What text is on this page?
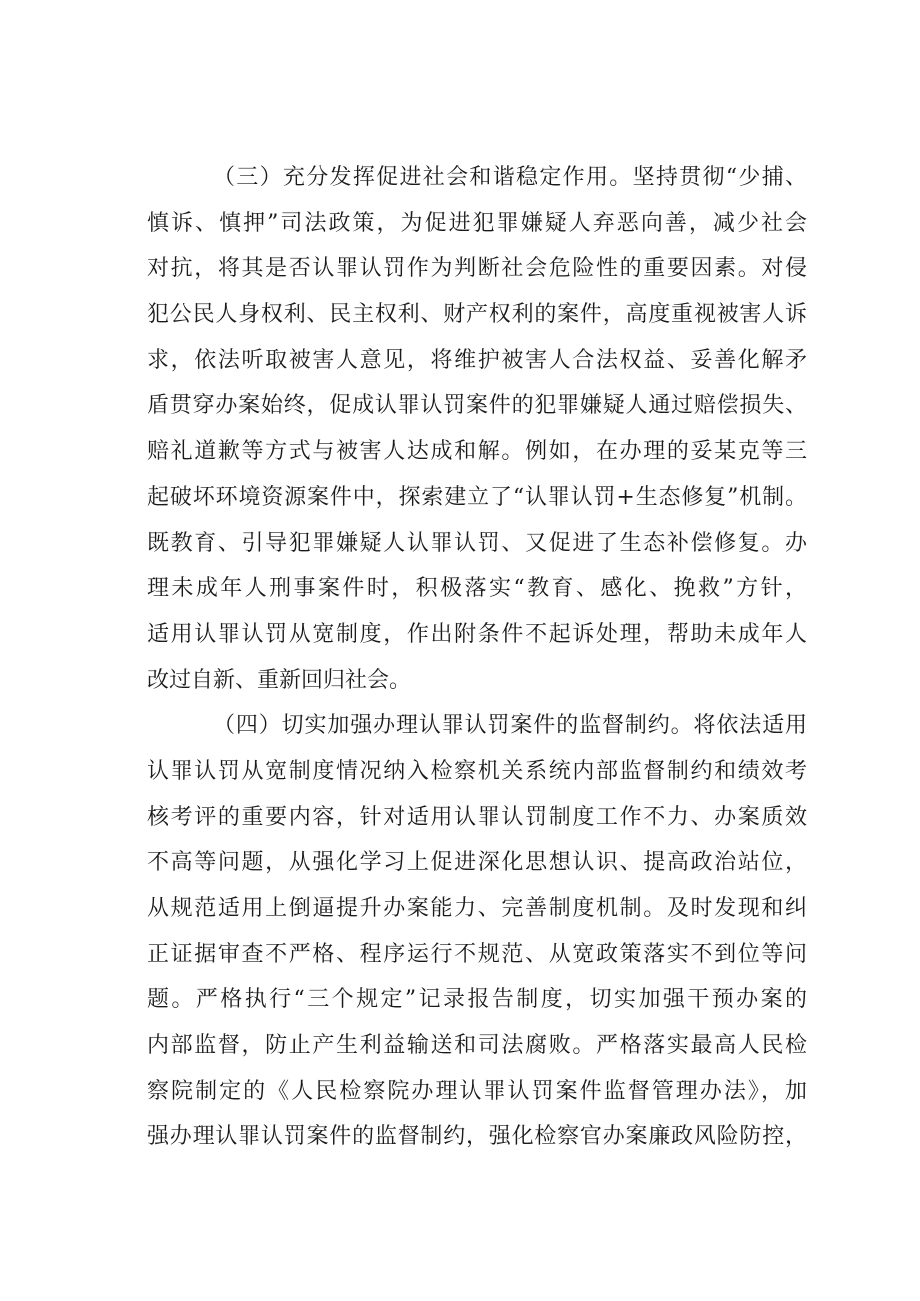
（三）充分发挥促进社会和谐稳定作用。坚持贯彻“少捕、
慎诉、慎押”司法政策，为促进犯罪嫌疑人弃恶向善，减少社会
对抗，将其是否认罪认罚作为判断社会危险性的重要因素。对侵
犯公民人身权利、民主权利、财产权利的案件，高度重视被害人诉
求，依法听取被害人意见，将维护被害人合法权益、妥善化解矛
盾贯穿办案始终，促成认罪认罚案件的犯罪嫌疑人通过赔偿损失、
赔礼道歉等方式与被害人达成和解。例如，在办理的妥某克等三
起破坏环境资源案件中，探索建立了“认罪认罚+生态修复”机制。
既教育、引导犯罪嫌疑人认罪认罚、又促进了生态补偿修复。办
理未成年人刑事案件时，积极落实“教育、感化、挽救”方针，
适用认罪认罚从宽制度，作出附条件不起诉处理，帮助未成年人
改过自新、重新回归社会。
（四）切实加强办理认罪认罚案件的监督制约。将依法适用
认罪认罚从宽制度情况纳入检察机关系统内部监督制约和绩效考
核考评的重要内容，针对适用认罪认罚制度工作不力、办案质效
不高等问题，从强化学习上促进深化思想认识、提高政治站位，
从规范适用上倒逼提升办案能力、完善制度机制。及时发现和纠
正证据审查不严格、程序运行不规范、从宽政策落实不到位等问
题。严格执行“三个规定”记录报告制度，切实加强干预办案的
内部监督，防止产生利益输送和司法腐败。严格落实最高人民检
察院制定的《人民检察院办理认罪认罚案件监督管理办法》，加
强办理认罪认罚案件的监督制约，强化检察官办案廉政风险防控，
